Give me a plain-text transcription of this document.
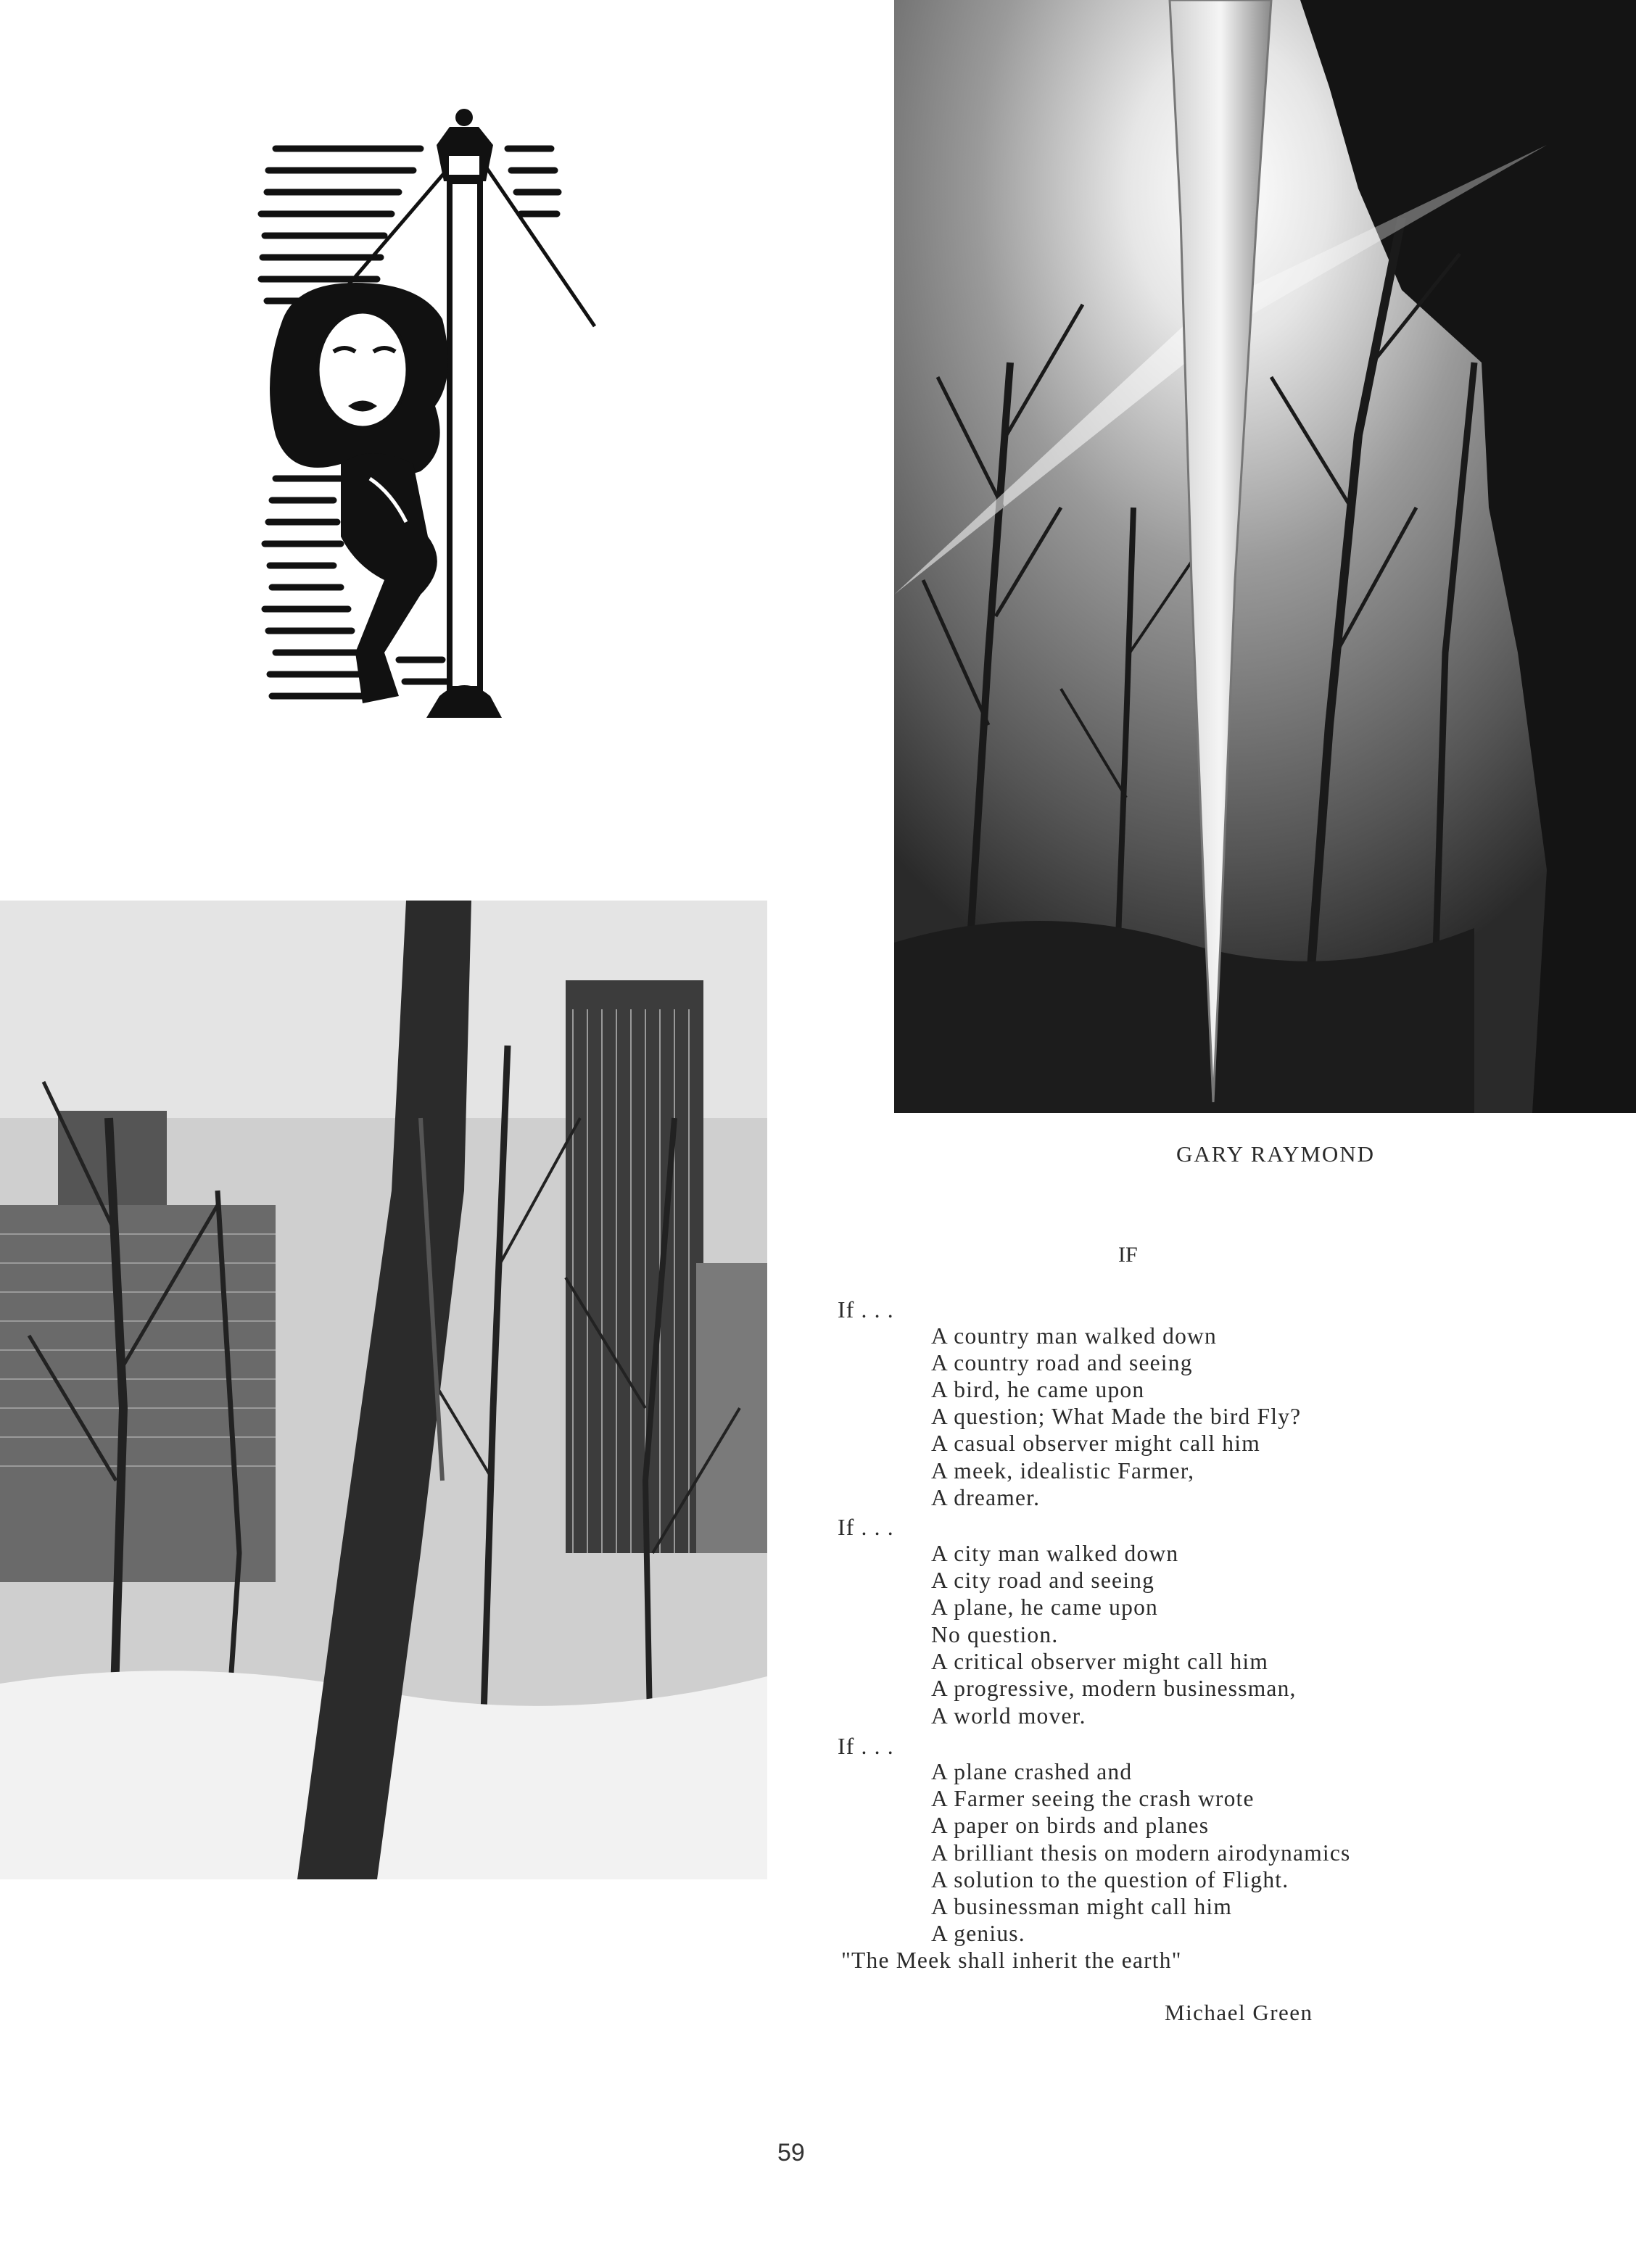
GARY RAYMOND
IF
If . . .
A country man walked down
A country road and seeing
A bird, he came upon
A question; What Made the bird Fly?
A casual observer might call him
A meek, idealistic Farmer,
A dreamer.
If . . .
A city man walked down
A city road and seeing
A plane, he came upon
No question.
A critical observer might call him
A progressive, modern businessman,
A world mover.
If . . .
A plane crashed and
A Farmer seeing the crash wrote
A paper on birds and planes
A brilliant thesis on modern airodynamics
A solution to the question of Flight.
A businessman might call him
A genius.
"The Meek shall inherit the earth"
Michael Green
59
